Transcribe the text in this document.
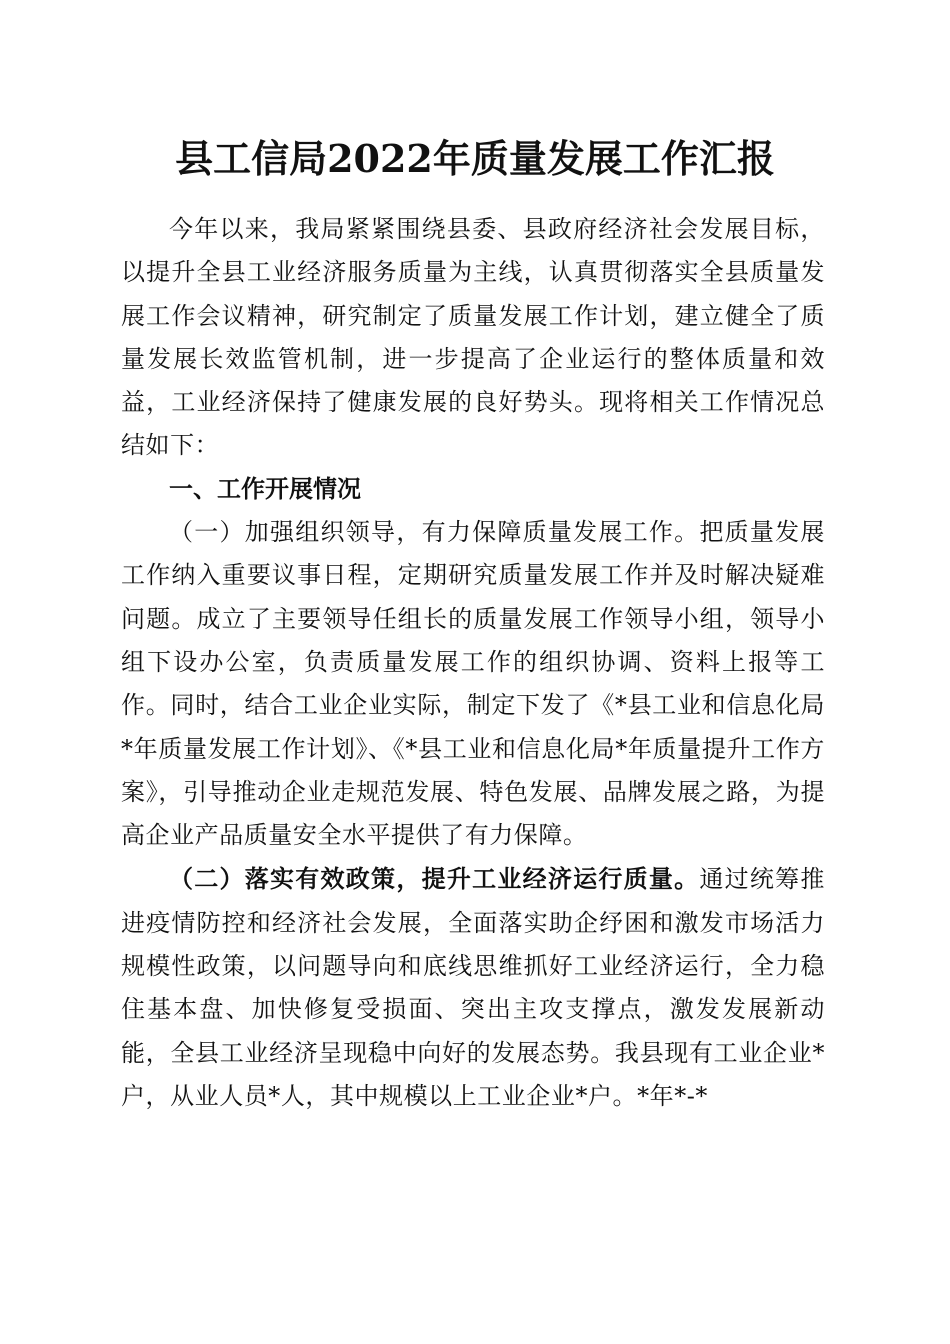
县工信局2022年质量发展工作汇报

今年以来，我局紧紧围绕县委、县政府经济社会发展目标，以提升全县工业经济服务质量为主线，认真贯彻落实全县质量发展工作会议精神，研究制定了质量发展工作计划，建立健全了质量发展长效监管机制，进一步提高了企业运行的整体质量和效益，工业经济保持了健康发展的良好势头。现将相关工作情况总结如下：

一、工作开展情况

（一）加强组织领导，有力保障质量发展工作。把质量发展工作纳入重要议事日程，定期研究质量发展工作并及时解决疑难问题。成立了主要领导任组长的质量发展工作领导小组，领导小组下设办公室，负责质量发展工作的组织协调、资料上报等工作。同时，结合工业企业实际，制定下发了《*县工业和信息化局*年质量发展工作计划》、《*县工业和信息化局*年质量提升工作方案》，引导推动企业走规范发展、特色发展、品牌发展之路，为提高企业产品质量安全水平提供了有力保障。

（二）落实有效政策，提升工业经济运行质量。通过统筹推进疫情防控和经济社会发展，全面落实助企纾困和激发市场活力规模性政策，以问题导向和底线思维抓好工业经济运行，全力稳住基本盘、加快修复受损面、突出主攻支撑点，激发发展新动能，全县工业经济呈现稳中向好的发展态势。我县现有工业企业*户，从业人员*人，其中规模以上工业企业*户。*年*-*
